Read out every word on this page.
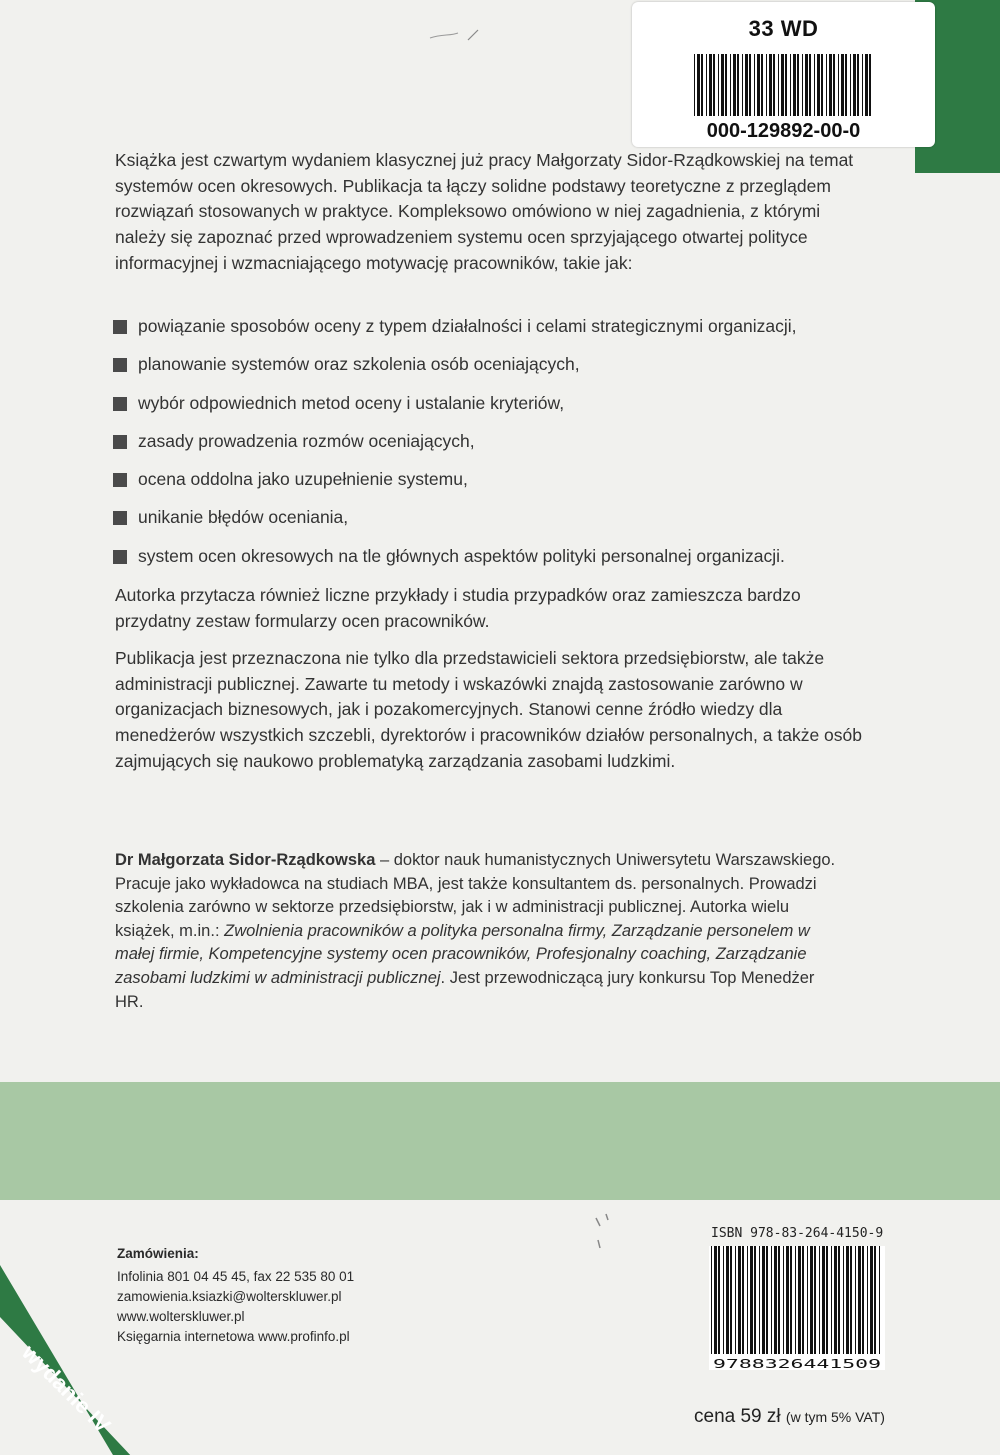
33 WD
000-129892-00-0
Książka jest czwartym wydaniem klasycznej już pracy Małgorzaty Sidor-Rządkowskiej na temat systemów ocen okresowych. Publikacja ta łączy solidne podstawy teoretyczne z przeglądem rozwiązań stosowanych w praktyce. Kompleksowo omówiono w niej zagadnienia, z którymi należy się zapoznać przed wprowadzeniem systemu ocen sprzyjającego otwartej polityce informacyjnej i wzmacniającego motywację pracowników, takie jak:
powiązanie sposobów oceny z typem działalności i celami strategicznymi organizacji,
planowanie systemów oraz szkolenia osób oceniających,
wybór odpowiednich metod oceny i ustalanie kryteriów,
zasady prowadzenia rozmów oceniających,
ocena oddolna jako uzupełnienie systemu,
unikanie błędów oceniania,
system ocen okresowych na tle głównych aspektów polityki personalnej organizacji.
Autorka przytacza również liczne przykłady i studia przypadków oraz zamieszcza bardzo przydatny zestaw formularzy ocen pracowników.
Publikacja jest przeznaczona nie tylko dla przedstawicieli sektora przedsiębiorstw, ale także administracji publicznej. Zawarte tu metody i wskazówki znajdą zastosowanie zarówno w organizacjach biznesowych, jak i pozakomercyjnych. Stanowi cenne źródło wiedzy dla menedżerów wszystkich szczebli, dyrektorów i pracowników działów personalnych, a także osób zajmujących się naukowo problematyką zarządzania zasobami ludzkimi.
Dr Małgorzata Sidor-Rządkowska – doktor nauk humanistycznych Uniwersytetu Warszawskiego. Pracuje jako wykładowca na studiach MBA, jest także konsultantem ds. personalnych. Prowadzi szkolenia zarówno w sektorze przedsiębiorstw, jak i w administracji publicznej. Autorka wielu książek, m.in.: Zwolnienia pracowników a polityka personalna firmy, Zarządzanie personelem w małej firmie, Kompetencyjne systemy ocen pracowników, Profesjonalny coaching, Zarządzanie zasobami ludzkimi w administracji publicznej. Jest przewodniczącą jury konkursu Top Menedżer HR.
Zamówienia:
Infolinia 801 04 45 45, fax 22 535 80 01
zamowienia.ksiazki@wolterskluwer.pl
www.wolterskluwer.pl
Księgarnia internetowa www.profinfo.pl
wydanie IV
ISBN 978-83-264-4150-9
9788326441509
cena 59 zł (w tym 5% VAT)
